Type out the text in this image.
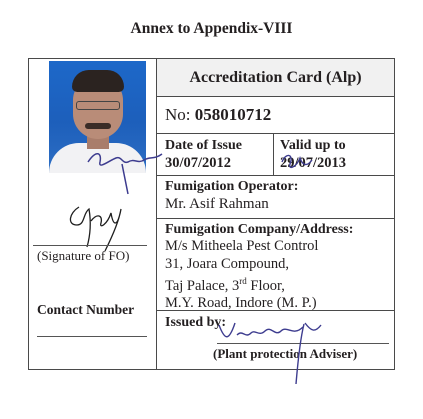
Annex to Appendix-VIII
(Signature of FO)
Contact Number
Accreditation Card (Alp)
No: 058010712
Date of Issue
30/07/2012
Valid up to
29/07/2013
Fumigation Operator:
Mr. Asif Rahman
Fumigation Company/Address:
M/s Mitheela Pest Control
31, Joara Compound,
Taj Palace, 3rd Floor,
M.Y. Road, Indore (M. P.)
Issued by:
(Plant protection Adviser)
